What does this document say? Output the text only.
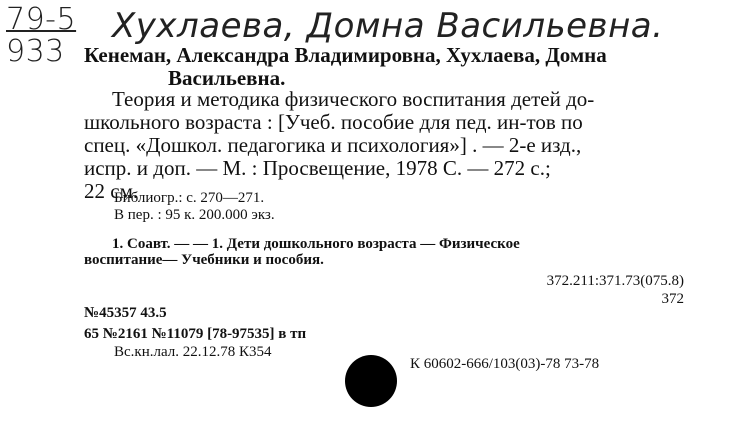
79-5
933
Хухлаева, Домна Васильевна.
Кенеман, Александра Владимировна, Хухлаева, Домна
Васильевна.
Теория и методика физического воспитания детей до-
школьного возраста : [Учеб. пособие для пед. ин-тов по
спец. «Дошкол. педагогика и психология»] . — 2-е изд.,
испр. и доп. — М. : Просвещение, 1978 С. — 272 с.;
22 см.
Библиогр.: с. 270—271.
В пер. : 95 к. 200.000 экз.
1. Соавт. — — 1. Дети дошкольного возраста — Физическое
воспитание— Учебники и пособия.
372.211:371.73(075.8)
372
№45357 43.5
65 №2161 №11079 [78-97535] в тп
Вс.кн.лал. 22.12.78 К354
К 60602-666/103(03)-78 73-78
